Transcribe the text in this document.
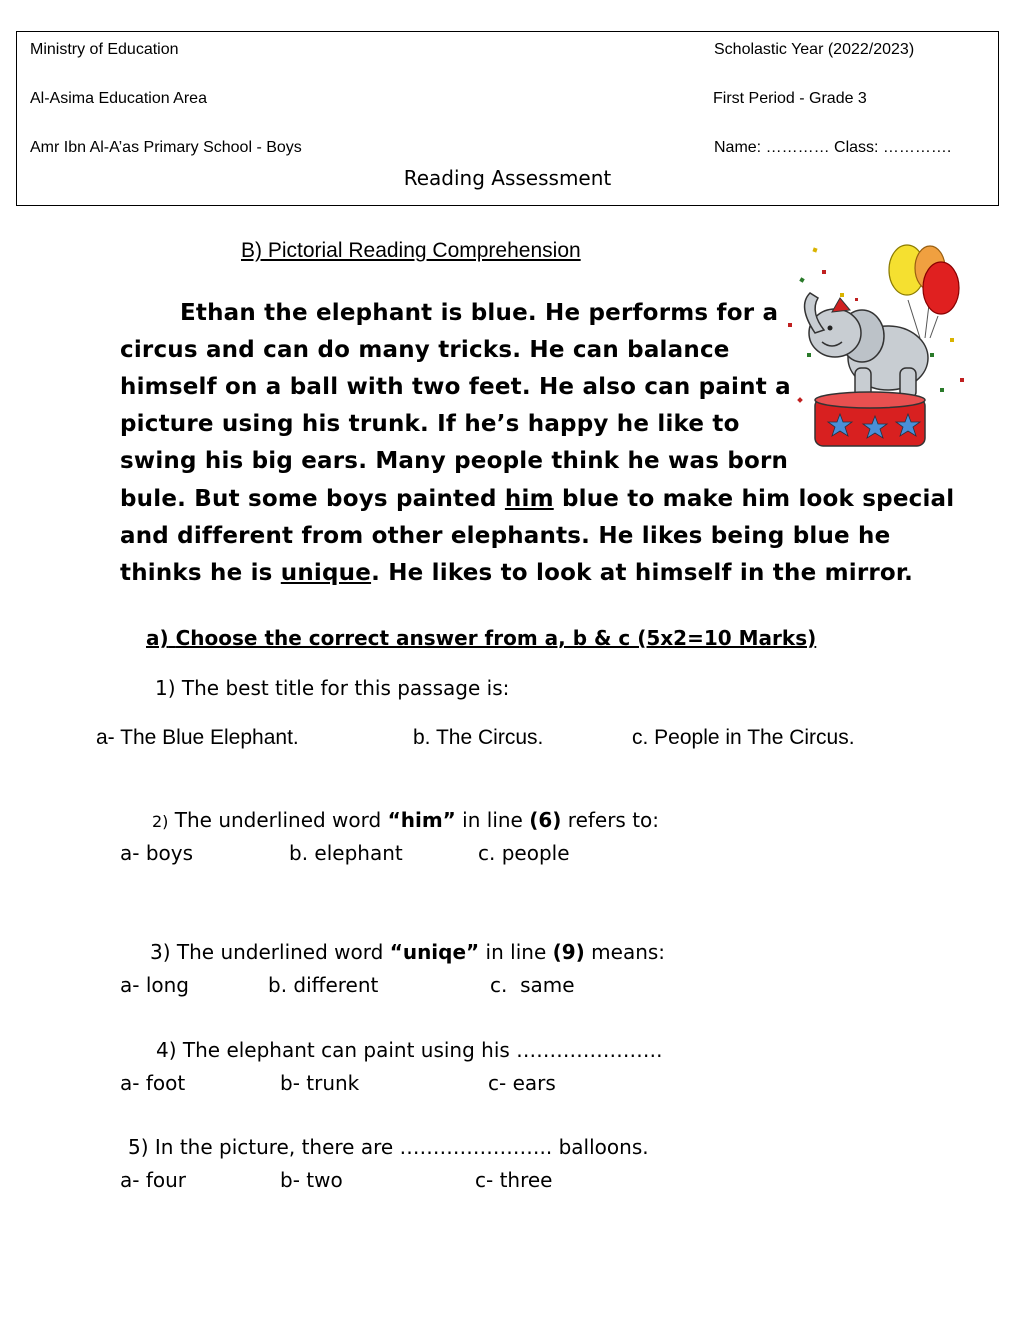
Ministry of Education
Al-Asima Education Area
Amr Ibn Al-A’as Primary School - Boys
Scholastic Year (2022/2023)
First Period - Grade 3
Name: ………… Class: ………….
Reading Assessment
B) Pictorial Reading Comprehension
Ethan the elephant is blue. He performs for a
circus and can do many tricks. He can balance
himself on a ball with two feet. He also can paint a
picture using his trunk. If he’s happy he like to
swing his big ears. Many people think he was born
bule. But some boys painted him blue to make him look special
and different from other elephants. He likes being blue he
thinks he is unique. He likes to look at himself in the mirror.
a) Choose the correct answer from a, b & c (5x2=10 Marks)
1) The best title for this passage is:
a- The Blue Elephant.	b. The Circus.	c. People in The Circus.
2) The underlined word “him” in line (6) refers to:
a- boys	b. elephant	c. people
3) The underlined word “uniqe” in line (9) means:
a- long	b. different	c.  same
4) The elephant can paint using his ………………….
a- foot	b- trunk	c- ears
5) In the picture, there are ………………….. balloons.
a- four	b- two	c- three
